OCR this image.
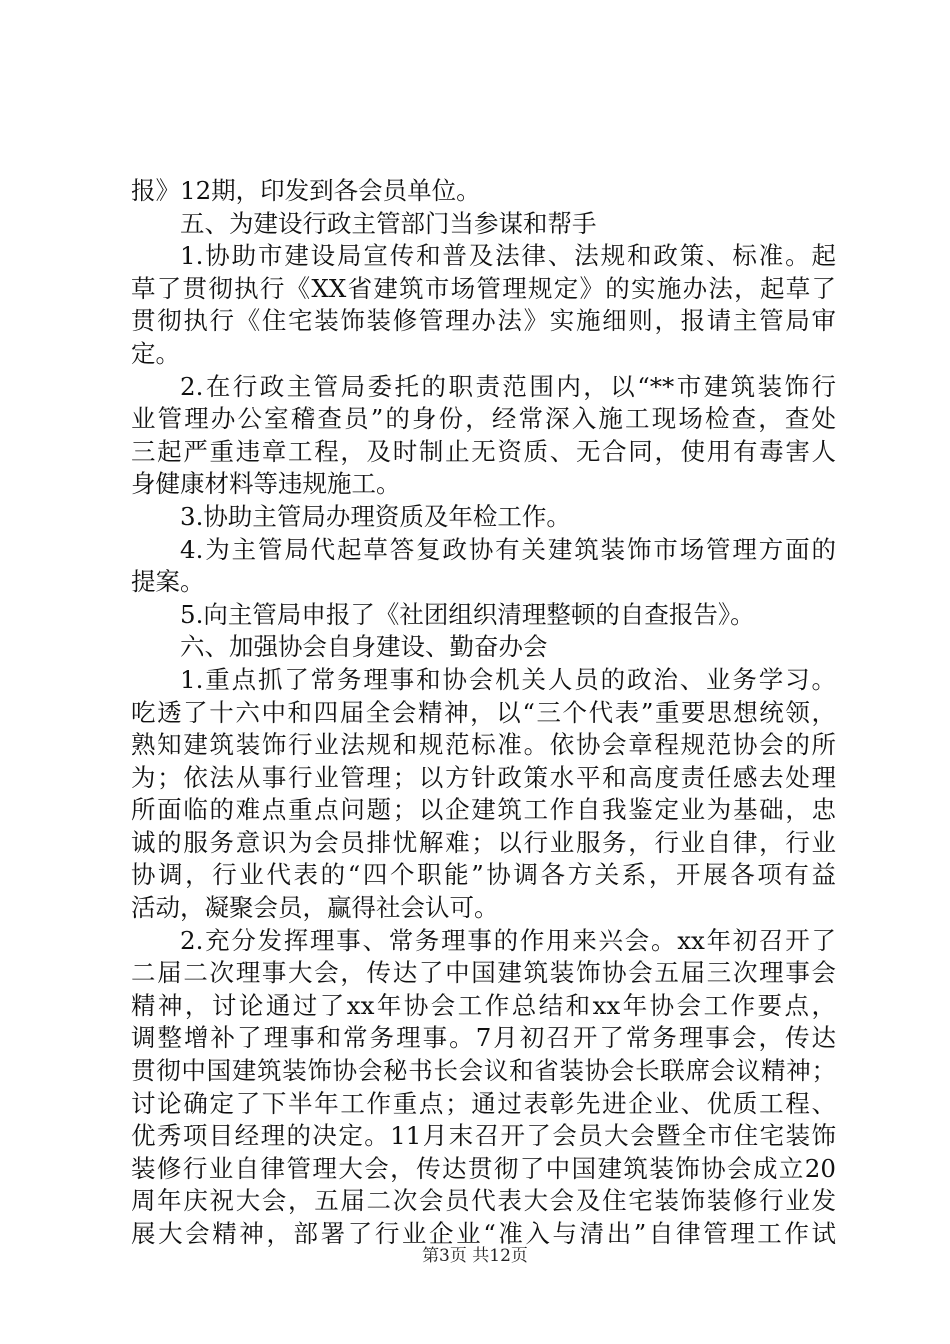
报》12期，印发到各会员单位。
五、为建设行政主管部门当参谋和帮手
1.协助市建设局宣传和普及法律、法规和政策、标准。起
草了贯彻执行《XX省建筑市场管理规定》的实施办法，起草了
贯彻执行《住宅装饰装修管理办法》实施细则，报请主管局审
定。
2.在行政主管局委托的职责范围内，以“**市建筑装饰行
业管理办公室稽查员”的身份，经常深入施工现场检查，查处
三起严重违章工程，及时制止无资质、无合同，使用有毒害人
身健康材料等违规施工。
3.协助主管局办理资质及年检工作。
4.为主管局代起草答复政协有关建筑装饰市场管理方面的
提案。
5.向主管局申报了《社团组织清理整顿的自查报告》。
六、加强协会自身建设、勤奋办会
1.重点抓了常务理事和协会机关人员的政治、业务学习。
吃透了十六中和四届全会精神，以“三个代表”重要思想统领，
熟知建筑装饰行业法规和规范标准。依协会章程规范协会的所
为；依法从事行业管理；以方针政策水平和高度责任感去处理
所面临的难点重点问题；以企建筑工作自我鉴定业为基础，忠
诚的服务意识为会员排忧解难；以行业服务，行业自律，行业
协调，行业代表的“四个职能”协调各方关系，开展各项有益
活动，凝聚会员，赢得社会认可。
2.充分发挥理事、常务理事的作用来兴会。xx年初召开了
二届二次理事大会，传达了中国建筑装饰协会五届三次理事会
精神，讨论通过了xx年协会工作总结和xx年协会工作要点，
调整增补了理事和常务理事。7月初召开了常务理事会，传达
贯彻中国建筑装饰协会秘书长会议和省装协会长联席会议精神；
讨论确定了下半年工作重点；通过表彰先进企业、优质工程、
优秀项目经理的决定。11月末召开了会员大会暨全市住宅装饰
装修行业自律管理大会，传达贯彻了中国建筑装饰协会成立20
周年庆祝大会，五届二次会员代表大会及住宅装饰装修行业发
展大会精神，部署了行业企业“准入与清出”自律管理工作试
第3页 共12页
